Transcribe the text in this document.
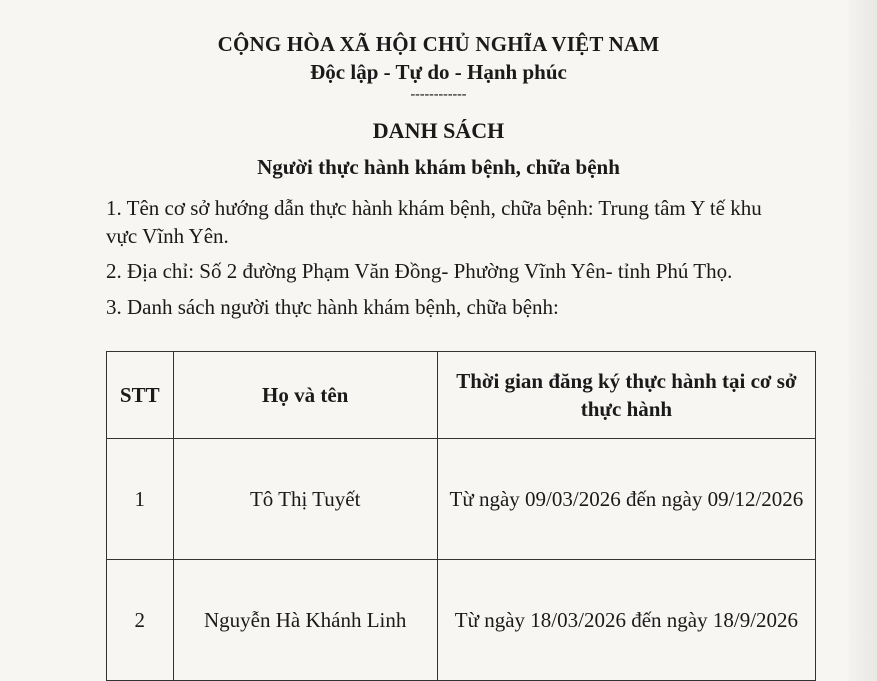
CỘNG HÒA XÃ HỘI CHỦ NGHĨA VIỆT NAM
Độc lập - Tự do - Hạnh phúc
------------
DANH SÁCH
Người thực hành khám bệnh, chữa bệnh
1. Tên cơ sở hướng dẫn thực hành khám bệnh, chữa bệnh: Trung tâm Y tế khu vực Vĩnh Yên.
2. Địa chỉ: Số 2 đường Phạm Văn Đồng- Phường Vĩnh Yên- tỉnh Phú Thọ.
3. Danh sách người thực hành khám bệnh, chữa bệnh:
STT	Họ và tên	Thời gian đăng ký thực hành tại cơ sở thực hành
1	Tô Thị Tuyết	Từ ngày 09/03/2026 đến ngày 09/12/2026
2	Nguyễn Hà Khánh Linh	Từ ngày 18/03/2026 đến ngày 18/9/2026
